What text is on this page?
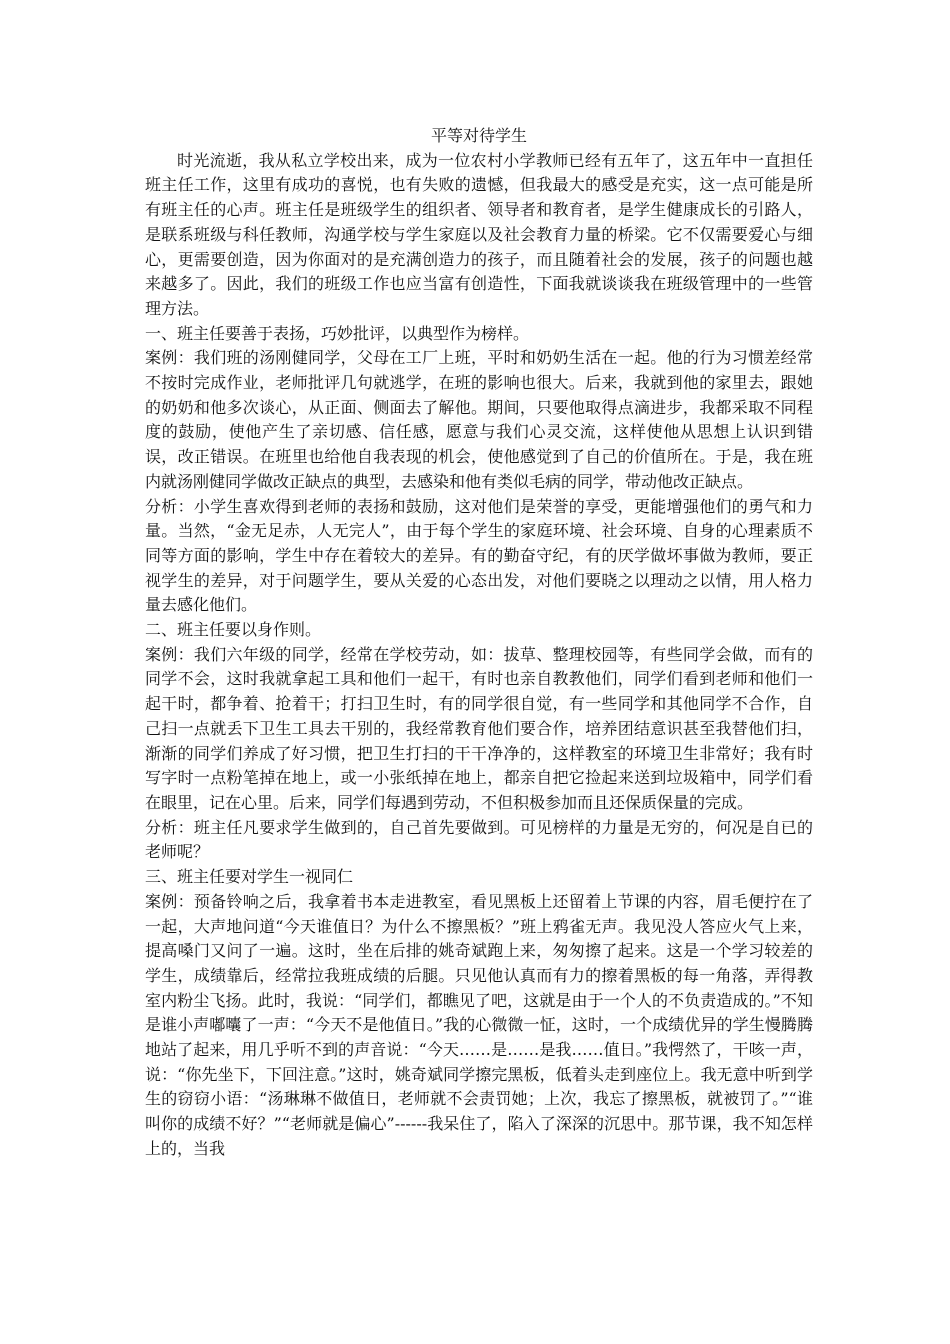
平等对待学生

时光流逝，我从私立学校出来，成为一位农村小学教师已经有五年了，这五年中一直担任班主任工作，这里有成功的喜悦，也有失败的遗憾，但我最大的感受是充实，这一点可能是所有班主任的心声。班主任是班级学生的组织者、领导者和教育者，是学生健康成长的引路人，是联系班级与科任教师，沟通学校与学生家庭以及社会教育力量的桥梁。它不仅需要爱心与细心，更需要创造，因为你面对的是充满创造力的孩子，而且随着社会的发展，孩子的问题也越来越多了。因此，我们的班级工作也应当富有创造性，下面我就谈谈我在班级管理中的一些管理方法。

一、班主任要善于表扬，巧妙批评，以典型作为榜样。

案例：我们班的汤刚健同学，父母在工厂上班，平时和奶奶生活在一起。他的行为习惯差经常不按时完成作业，老师批评几句就逃学，在班的影响也很大。后来，我就到他的家里去，跟她的奶奶和他多次谈心，从正面、侧面去了解他。期间，只要他取得点滴进步，我都采取不同程度的鼓励，使他产生了亲切感、信任感，愿意与我们心灵交流，这样使他从思想上认识到错误，改正错误。在班里也给他自我表现的机会，使他感觉到了自己的价值所在。于是，我在班内就汤刚健同学做改正缺点的典型，去感染和他有类似毛病的同学，带动他改正缺点。

分析：小学生喜欢得到老师的表扬和鼓励，这对他们是荣誉的享受，更能增强他们的勇气和力量。当然，“金无足赤，人无完人”，由于每个学生的家庭环境、社会环境、自身的心理素质不同等方面的影响，学生中存在着较大的差异。有的勤奋守纪，有的厌学做坏事做为教师，要正视学生的差异，对于问题学生，要从关爱的心态出发，对他们要晓之以理动之以情，用人格力量去感化他们。

二、班主任要以身作则。

案例：我们六年级的同学，经常在学校劳动，如：拔草、整理校园等，有些同学会做，而有的同学不会，这时我就拿起工具和他们一起干，有时也亲自教教他们，同学们看到老师和他们一起干时，都争着、抢着干；打扫卫生时，有的同学很自觉，有一些同学和其他同学不合作，自己扫一点就丢下卫生工具去干别的，我经常教育他们要合作，培养团结意识甚至我替他们扫，渐渐的同学们养成了好习惯，把卫生打扫的干干净净的，这样教室的环境卫生非常好；我有时写字时一点粉笔掉在地上，或一小张纸掉在地上，都亲自把它捡起来送到垃圾箱中，同学们看在眼里，记在心里。后来，同学们每遇到劳动，不但积极参加而且还保质保量的完成。

分析：班主任凡要求学生做到的，自己首先要做到。可见榜样的力量是无穷的，何况是自已的老师呢？

三、班主任要对学生一视同仁

案例：预备铃响之后，我拿着书本走进教室，看见黑板上还留着上节课的内容，眉毛便拧在了一起，大声地问道“今天谁值日？为什么不擦黑板？”班上鸦雀无声。我见没人答应火气上来，提高嗓门又问了一遍。这时，坐在后排的姚奇斌跑上来，匆匆擦了起来。这是一个学习较差的学生，成绩靠后，经常拉我班成绩的后腿。只见他认真而有力的擦着黑板的每一角落，弄得教室内粉尘飞扬。此时，我说：“同学们，都瞧见了吧，这就是由于一个人的不负责造成的。”不知是谁小声嘟囔了一声：“今天不是他值日。”我的心微微一怔，这时，一个成绩优异的学生慢腾腾地站了起来，用几乎听不到的声音说：“今天……是……是我……值日。”我愕然了，干咳一声，说：“你先坐下，下回注意。”这时，姚奇斌同学擦完黑板，低着头走到座位上。我无意中听到学生的窃窃小语：“汤琳琳不做值日，老师就不会责罚她；上次，我忘了擦黑板，就被罚了。”“谁叫你的成绩不好？”“老师就是偏心”------我呆住了，陷入了深深的沉思中。那节课，我不知怎样上的，当我
